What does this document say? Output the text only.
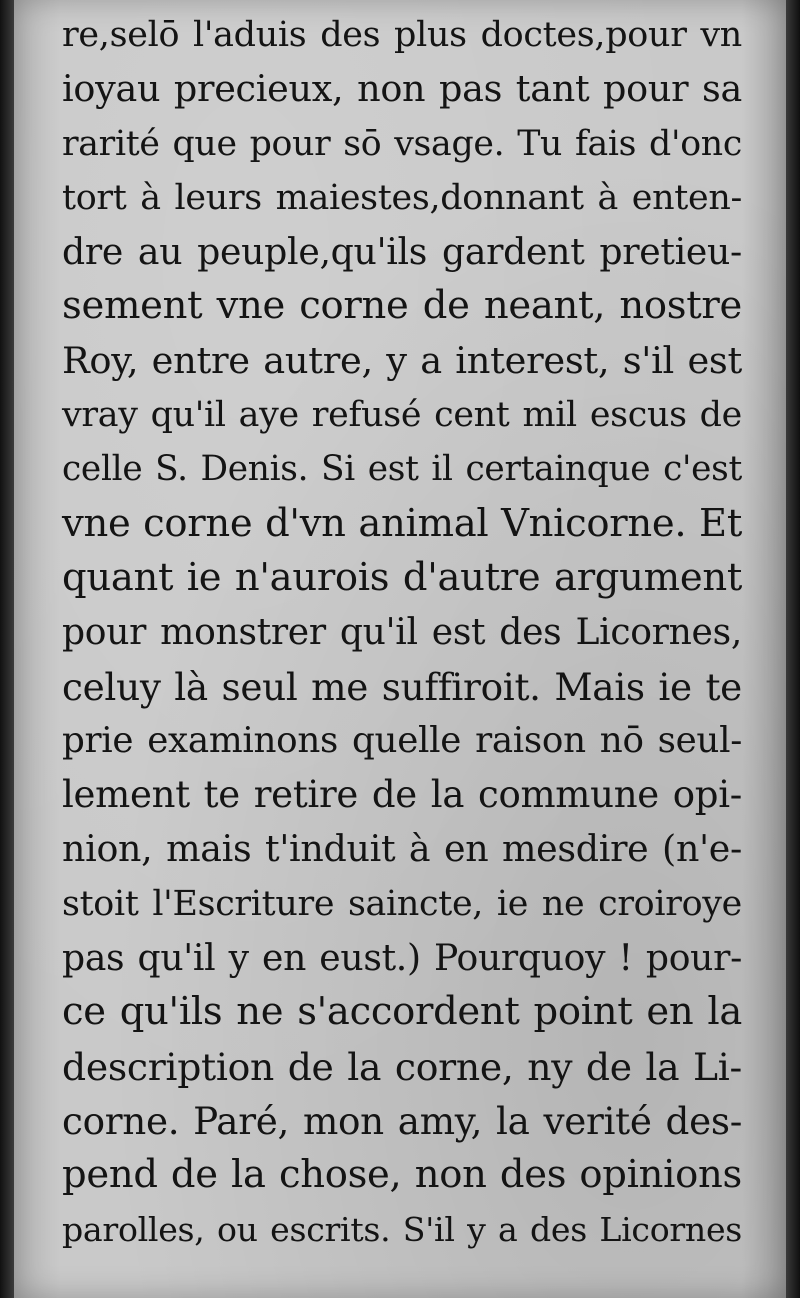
re,selō l'aduis des plus doctes,pour vn
ioyau precieux, non pas tant pour sa
rarité que pour sō vsage. Tu fais d'onc
tort à leurs maiestes,donnant à enten-
dre au peuple,qu'ils gardent pretieu-
sement vne corne de neant, nostre
Roy, entre autre, y a interest, s'il est
vray qu'il aye refusé cent mil escus de
celle S. Denis. Si est il certainque c'est
vne corne d'vn animal Vnicorne. Et
quant ie n'aurois d'autre argument
pour monstrer qu'il est des Licornes,
celuy là seul me suffiroit. Mais ie te
prie examinons quelle raison nō seul-
lement te retire de la commune opi-
nion, mais t'induit à en mesdire (n'e-
stoit l'Escriture saincte, ie ne croiroye
pas qu'il y en eust.) Pourquoy ! pour-
ce qu'ils ne s'accordent point en la
description de la corne, ny de la Li-
corne. Paré, mon amy, la verité des-
pend de la chose, non des opinions
parolles, ou escrits. S'il y a des Licornes
